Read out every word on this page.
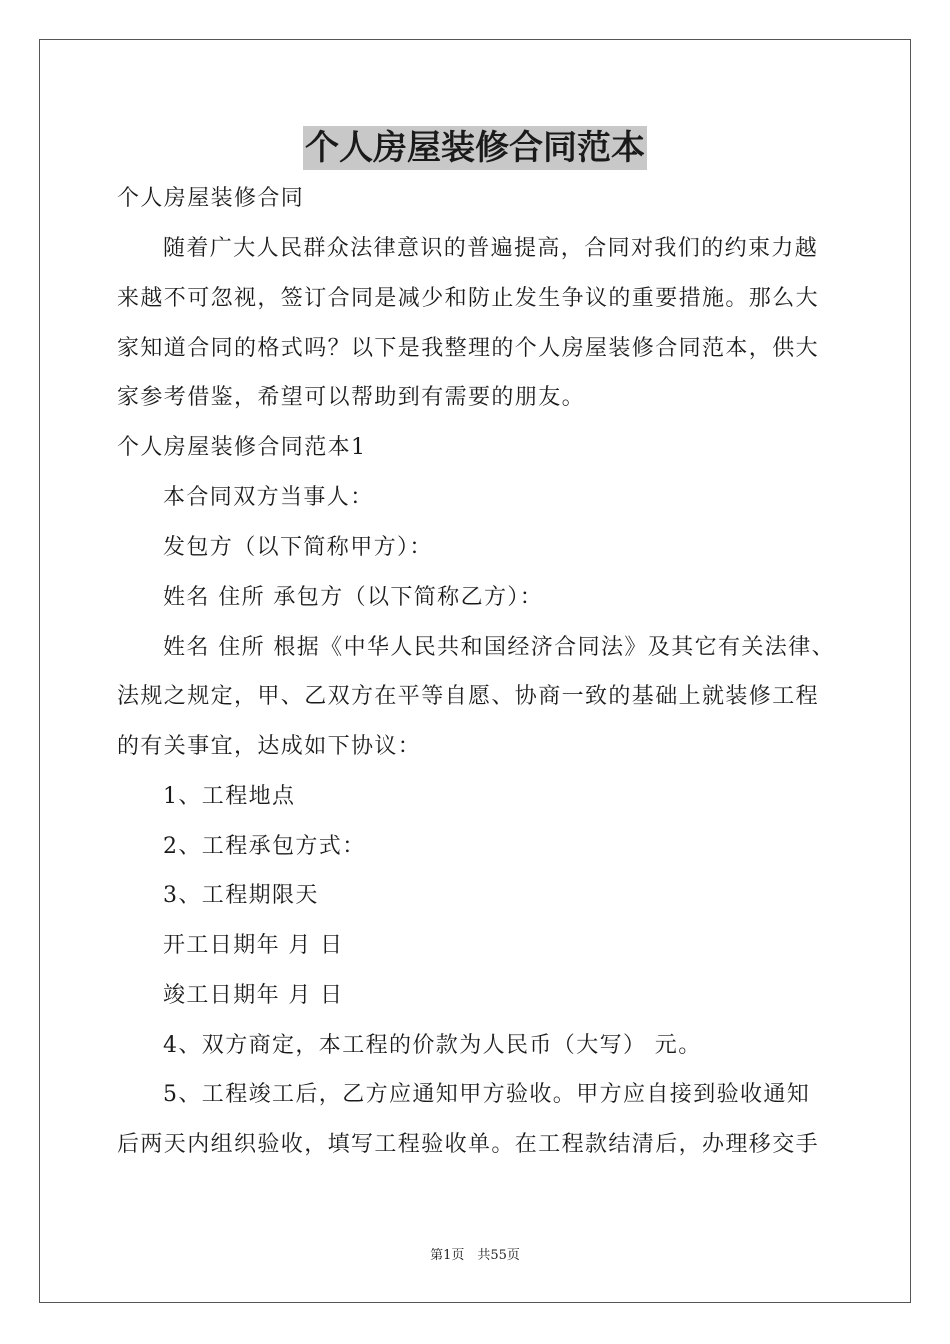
个人房屋装修合同范本
个人房屋装修合同
随着广大人民群众法律意识的普遍提高，合同对我们的约束力越
来越不可忽视，签订合同是减少和防止发生争议的重要措施。那么大
家知道合同的格式吗？以下是我整理的个人房屋装修合同范本，供大
家参考借鉴，希望可以帮助到有需要的朋友。
个人房屋装修合同范本1
本合同双方当事人：
发包方（以下简称甲方）：
姓名 住所 承包方（以下简称乙方）：
姓名 住所 根据《中华人民共和国经济合同法》及其它有关法律、
法规之规定，甲、乙双方在平等自愿、协商一致的基础上就装修工程
的有关事宜，达成如下协议：
1、工程地点
2、工程承包方式：
3、工程期限天
开工日期年 月 日
竣工日期年 月 日
4、双方商定，本工程的价款为人民币（大写） 元。
5、工程竣工后，乙方应通知甲方验收。甲方应自接到验收通知
后两天内组织验收，填写工程验收单。在工程款结清后，办理移交手
第1页　共55页
